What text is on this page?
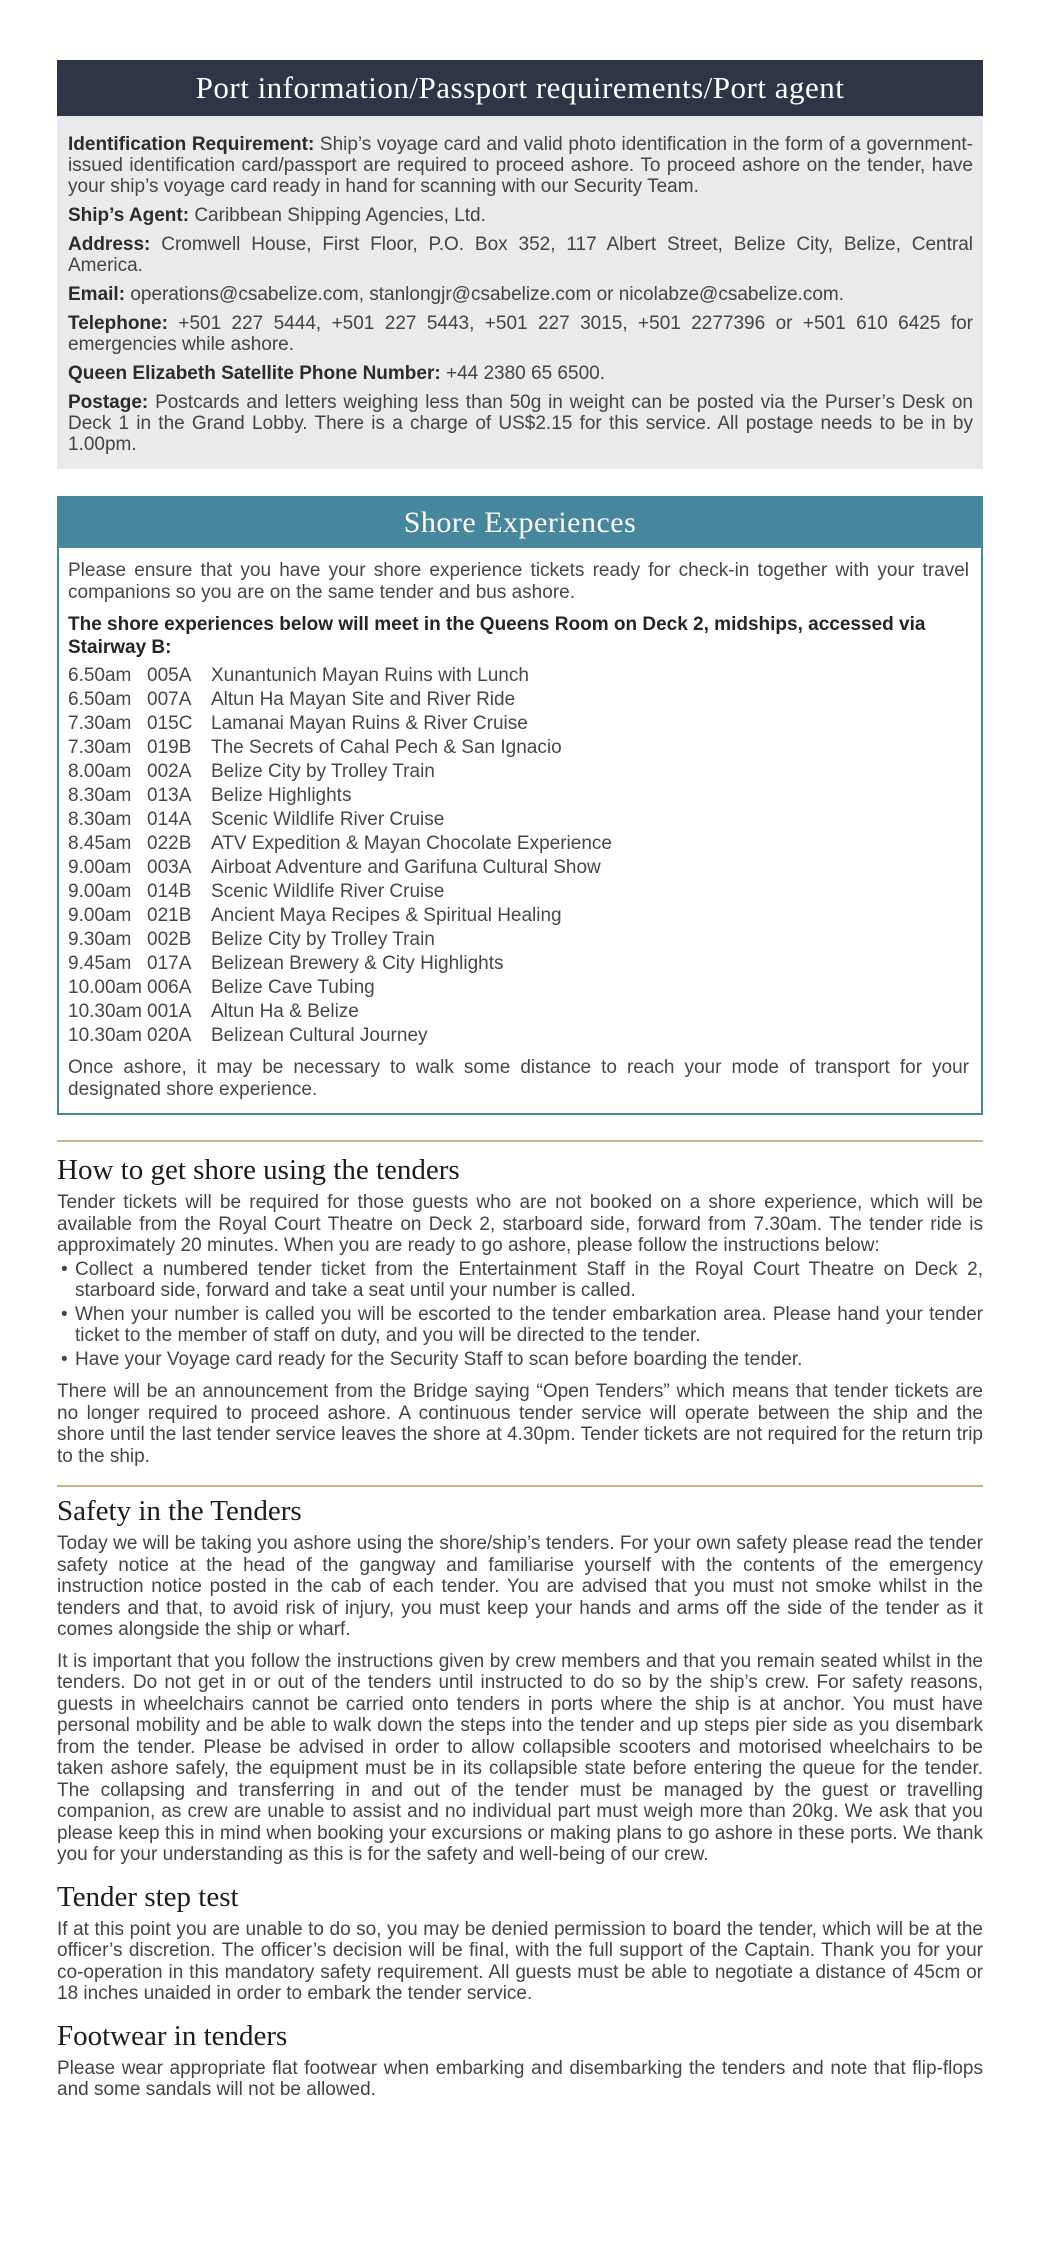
Port information/Passport requirements/Port agent

Identification Requirement: Ship’s voyage card and valid photo identification in the form of a government-issued identification card/passport are required to proceed ashore. To proceed ashore on the tender, have your ship’s voyage card ready in hand for scanning with our Security Team.

Ship’s Agent: Caribbean Shipping Agencies, Ltd.

Address: Cromwell House, First Floor, P.O. Box 352, 117 Albert Street, Belize City, Belize, Central America.

Email: operations@csabelize.com, stanlongjr@csabelize.com or nicolabze@csabelize.com.

Telephone: +501 227 5444, +501 227 5443, +501 227 3015, +501 2277396 or +501 610 6425 for emergencies while ashore.

Queen Elizabeth Satellite Phone Number: +44 2380 65 6500.

Postage: Postcards and letters weighing less than 50g in weight can be posted via the Purser’s Desk on Deck 1 in the Grand Lobby. There is a charge of US$2.15 for this service. All postage needs to be in by 1.00pm.

Shore Experiences

Please ensure that you have your shore experience tickets ready for check-in together with your travel companions so you are on the same tender and bus ashore.

The shore experiences below will meet in the Queens Room on Deck 2, midships, accessed via Stairway B:

6.50am 005A	Xunantunich Mayan Ruins with Lunch
6.50am 007A	Altun Ha Mayan Site and River Ride
7.30am 015C Lamanai Mayan Ruins & River Cruise
7.30am 019B	The Secrets of Cahal Pech & San Ignacio
8.00am 002A	Belize City by Trolley Train
8.30am 013A	Belize Highlights
8.30am 014A	Scenic Wildlife River Cruise
8.45am 022B	ATV Expedition & Mayan Chocolate Experience
9.00am 003A	Airboat Adventure and Garifuna Cultural Show
9.00am 014B	Scenic Wildlife River Cruise
9.00am 021B	Ancient Maya Recipes & Spiritual Healing
9.30am 002B	Belize City by Trolley Train
9.45am 017A	Belizean Brewery & City Highlights
10.00am 006A	Belize Cave Tubing
10.30am 001A	Altun Ha & Belize
10.30am 020A	Belizean Cultural Journey

Once ashore, it may be necessary to walk some distance to reach your mode of transport for your designated shore experience.

How to get shore using the tenders

Tender tickets will be required for those guests who are not booked on a shore experience, which will be available from the Royal Court Theatre on Deck 2, starboard side, forward from 7.30am. The tender ride is approximately 20 minutes. When you are ready to go ashore, please follow the instructions below:

• Collect a numbered tender ticket from the Entertainment Staff in the Royal Court Theatre on Deck 2, starboard side, forward and take a seat until your number is called.

• When your number is called you will be escorted to the tender embarkation area. Please hand your tender ticket to the member of staff on duty, and you will be directed to the tender.

• Have your Voyage card ready for the Security Staff to scan before boarding the tender.

There will be an announcement from the Bridge saying “Open Tenders” which means that tender tickets are no longer required to proceed ashore. A continuous tender service will operate between the ship and the shore until the last tender service leaves the shore at 4.30pm. Tender tickets are not required for the return trip to the ship.

Safety in the Tenders

Today we will be taking you ashore using the shore/ship’s tenders. For your own safety please read the tender safety notice at the head of the gangway and familiarise yourself with the contents of the emergency instruction notice posted in the cab of each tender. You are advised that you must not smoke whilst in the tenders and that, to avoid risk of injury, you must keep your hands and arms off the side of the tender as it comes alongside the ship or wharf.

It is important that you follow the instructions given by crew members and that you remain seated whilst in the tenders. Do not get in or out of the tenders until instructed to do so by the ship’s crew. For safety reasons, guests in wheelchairs cannot be carried onto tenders in ports where the ship is at anchor. You must have personal mobility and be able to walk down the steps into the tender and up steps pier side as you disembark from the tender. Please be advised in order to allow collapsible scooters and motorised wheelchairs to be taken ashore safely, the equipment must be in its collapsible state before entering the queue for the tender. The collapsing and transferring in and out of the tender must be managed by the guest or travelling companion, as crew are unable to assist and no individual part must weigh more than 20kg. We ask that you please keep this in mind when booking your excursions or making plans to go ashore in these ports. We thank you for your understanding as this is for the safety and well-being of our crew.

Tender step test

If at this point you are unable to do so, you may be denied permission to board the tender, which will be at the officer’s discretion. The officer’s decision will be final, with the full support of the Captain. Thank you for your co-operation in this mandatory safety requirement. All guests must be able to negotiate a distance of 45cm or 18 inches unaided in order to embark the tender service.

Footwear in tenders

Please wear appropriate flat footwear when embarking and disembarking the tenders and note that flip-flops and some sandals will not be allowed.
